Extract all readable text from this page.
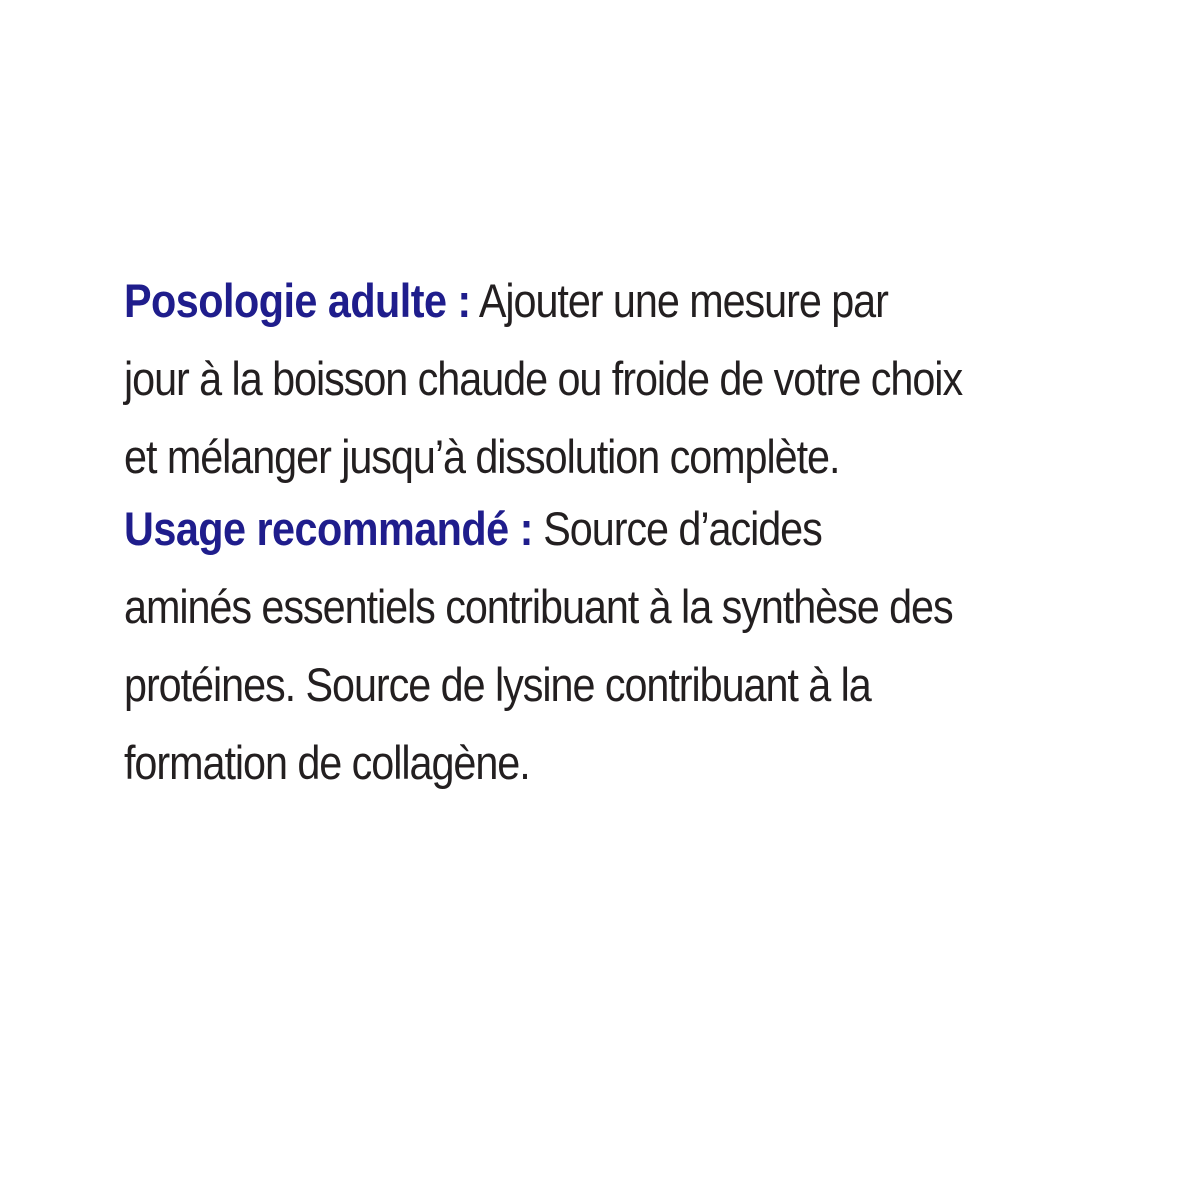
Posologie adulte : Ajouter une mesure par
jour à la boisson chaude ou froide de votre choix
et mélanger jusqu’à dissolution complète.
Usage recommandé : Source d’acides
aminés essentiels contribuant à la synthèse des
protéines. Source de lysine contribuant à la
formation de collagène.
